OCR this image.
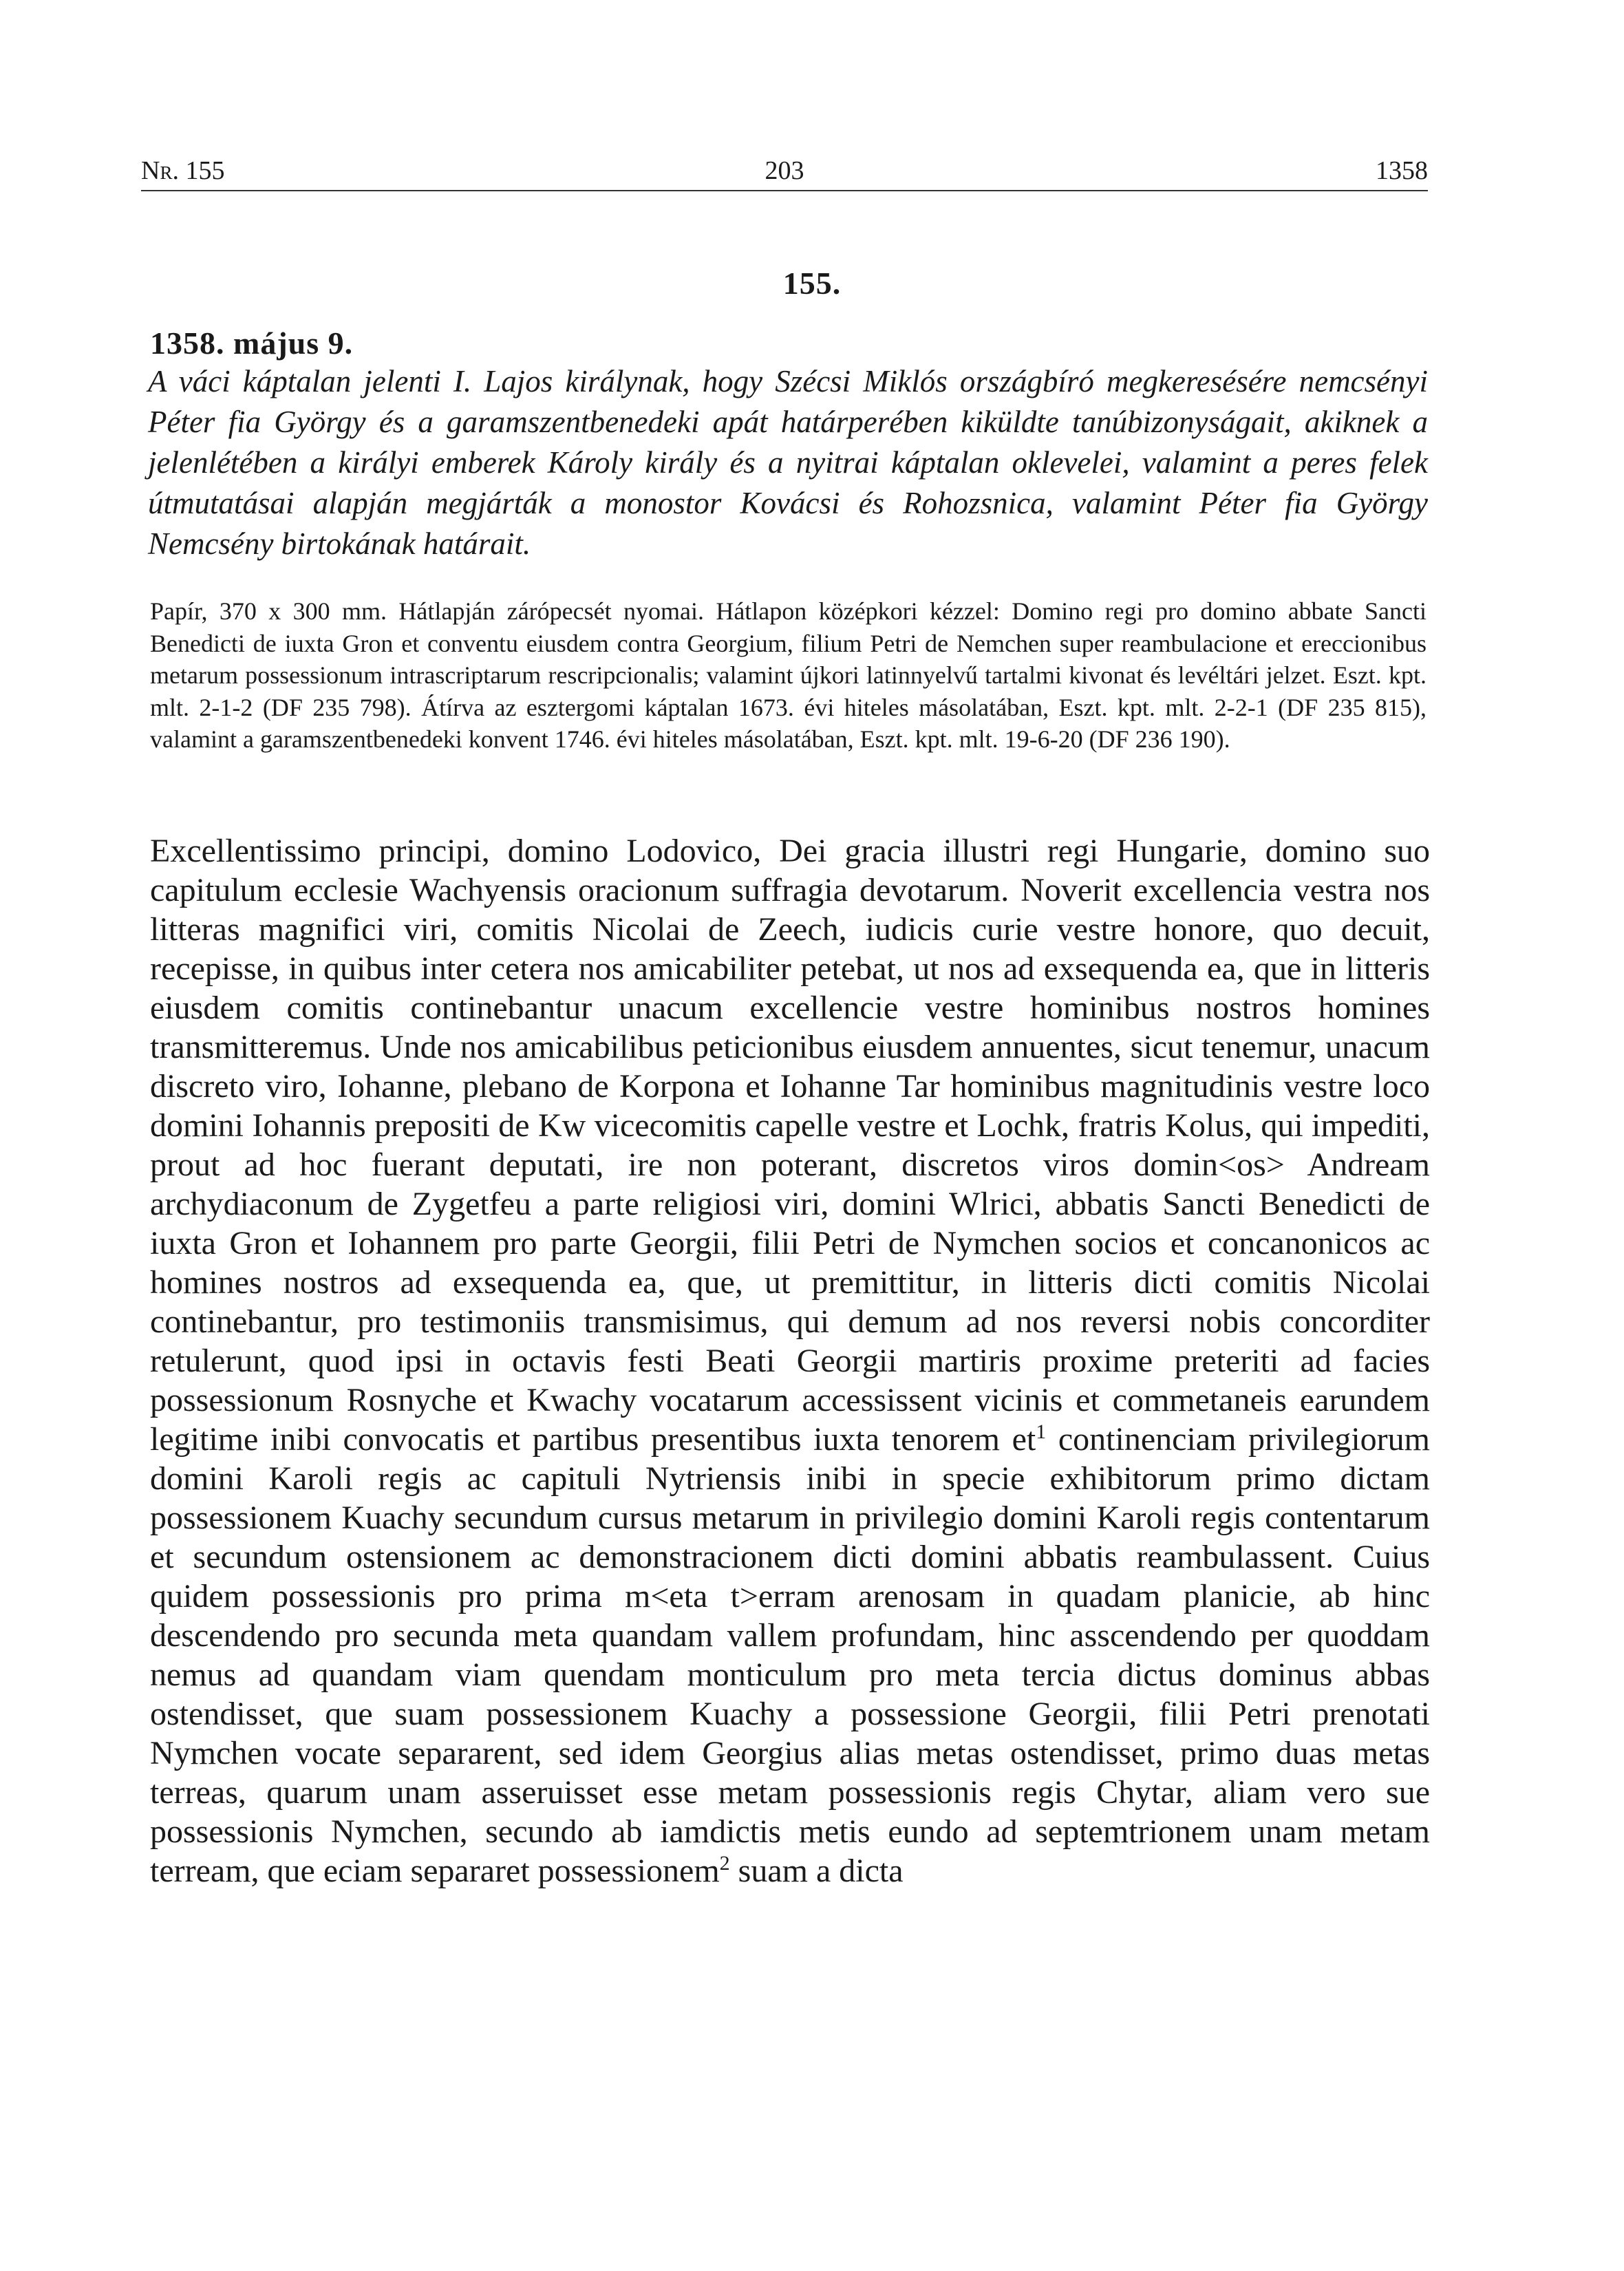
Nr. 155	203	1358
155.
1358. május 9.

A váci káptalan jelenti I. Lajos királynak, hogy Szécsi Miklós országbíró megkeresésére nemcsényi Péter fia György és a garamszentbenedeki apát határperében kiküldte tanúbizonyságait, akiknek a jelenlétében a királyi emberek Károly király és a nyitrai káptalan oklevelei, valamint a peres felek útmutatásai alapján megjárták a monostor Kovácsi és Rohozsnica, valamint Péter fia György Nemcsény birtokának határait.

Papír, 370 x 300 mm. Hátlapján zárópecsét nyomai. Hátlapon középkori kézzel: Domino regi pro domino abbate Sancti Benedicti de iuxta Gron et conventu eiusdem contra Georgium, filium Petri de Nemchen super reambulacione et ereccionibus metarum possessionum intrascriptarum rescripcionalis; valamint újkori latinnyelvű tartalmi kivonat és levéltári jelzet. Eszt. kpt. mlt. 2-1-2 (DF 235 798). Átírva az esztergomi káptalan 1673. évi hiteles másolatában, Eszt. kpt. mlt. 2-2-1 (DF 235 815), valamint a garamszentbenedeki konvent 1746. évi hiteles másolatában, Eszt. kpt. mlt. 19-6-20 (DF 236 190).

Excellentissimo principi, domino Lodovico, Dei gracia illustri regi Hungarie, domino suo capitulum ecclesie Wachyensis oracionum suffragia devotarum. Noverit excellencia vestra nos litteras magnifici viri, comitis Nicolai de Zeech, iudicis curie vestre honore, quo decuit, recepisse, in quibus inter cetera nos amicabiliter petebat, ut nos ad exsequenda ea, que in litteris eiusdem comitis continebantur unacum excellencie vestre hominibus nostros homines transmitteremus. Unde nos amicabilibus peticionibus eiusdem annuentes, sicut tenemur, unacum discreto viro, Iohanne, plebano de Korpona et Iohanne Tar hominibus magnitudinis vestre loco domini Iohannis prepositi de Kw vicecomitis capelle vestre et Lochk, fratris Kolus, qui impediti, prout ad hoc fuerant deputati, ire non poterant, discretos viros domin<os> Andream archydiaconum de Zygetfeu a parte religiosi viri, domini Wlrici, abbatis Sancti Benedicti de iuxta Gron et Iohannem pro parte Georgii, filii Petri de Nymchen socios et concanonicos ac homines nostros ad exsequenda ea, que, ut premittitur, in litteris dicti comitis Nicolai continebantur, pro testimoniis transmisimus, qui demum ad nos reversi nobis concorditer retulerunt, quod ipsi in octavis festi Beati Georgii martiris proxime preteriti ad facies possessionum Rosnyche et Kwachy vocatarum accessissent vicinis et commetaneis earundem legitime inibi convocatis et partibus presentibus iuxta tenorem $et^1$ continenciam privilegiorum domini Karoli regis ac capituli Nytriensis inibi in specie exhibitorum primo dictam possessionem Kuachy secundum cursus metarum in privilegio domini Karoli regis contentarum et secundum ostensionem ac demonstracionem dicti domini abbatis reambulassent. Cuius quidem possessionis pro prima m<eta t>erram arenosam in quadam planicie, ab hinc descendendo pro secunda meta quandam vallem profundam, hinc asscendendo per quoddam nemus ad quandam viam quendam monticulum pro meta tercia dictus dominus abbas ostendisset, que suam possessionem Kuachy a possessione Georgii, filii Petri prenotati Nymchen vocate separarent, sed idem Georgius alias metas ostendisset, primo duas metas terreas, quarum unam asseruisset esse metam possessionis regis Chytar, aliam vero sue possessionis Nymchen, secundo ab iamdictis metis eundo ad septemtrionem unam metam terream, que eciam separaret possessionem$^2$ suam a dicta
